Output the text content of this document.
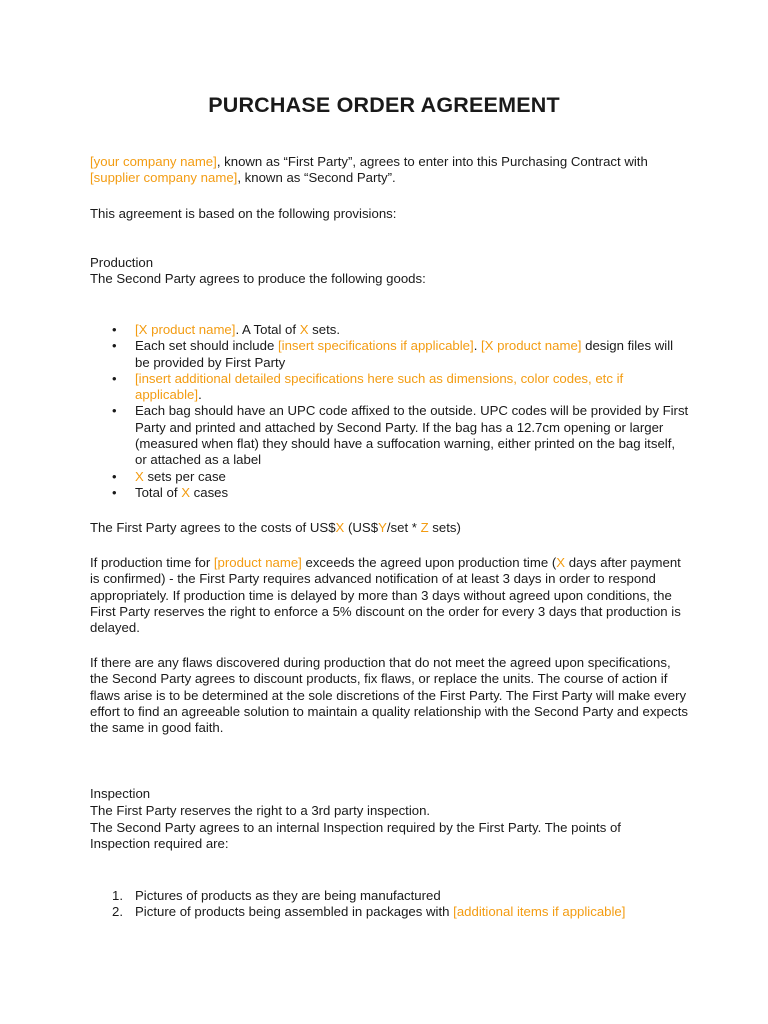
PURCHASE ORDER AGREEMENT
[your company name], known as “First Party”, agrees to enter into this Purchasing Contract with [supplier company name], known as “Second Party”.
This agreement is based on the following provisions:
Production
The Second Party agrees to produce the following goods:
• [X product name]. A Total of X sets.
• Each set should include [insert specifications if applicable]. [X product name] design files will be provided by First Party
• [insert additional detailed specifications here such as dimensions, color codes, etc if applicable].
• Each bag should have an UPC code affixed to the outside. UPC codes will be provided by First Party and printed and attached by Second Party. If the bag has a 12.7cm opening or larger (measured when flat) they should have a suffocation warning, either printed on the bag itself, or attached as a label
• X sets per case
• Total of X cases
The First Party agrees to the costs of US$X (US$Y/set * Z sets)
If production time for [product name] exceeds the agreed upon production time (X days after payment is confirmed) - the First Party requires advanced notification of at least 3 days in order to respond appropriately. If production time is delayed by more than 3 days without agreed upon conditions, the First Party reserves the right to enforce a 5% discount on the order for every 3 days that production is delayed.
If there are any flaws discovered during production that do not meet the agreed upon specifications, the Second Party agrees to discount products, fix flaws, or replace the units. The course of action if flaws arise is to be determined at the sole discretions of the First Party. The First Party will make every effort to find an agreeable solution to maintain a quality relationship with the Second Party and expects the same in good faith.
Inspection
The First Party reserves the right to a 3rd party inspection.
The Second Party agrees to an internal Inspection required by the First Party. The points of Inspection required are:
1. Pictures of products as they are being manufactured
2. Picture of products being assembled in packages with [additional items if applicable]
